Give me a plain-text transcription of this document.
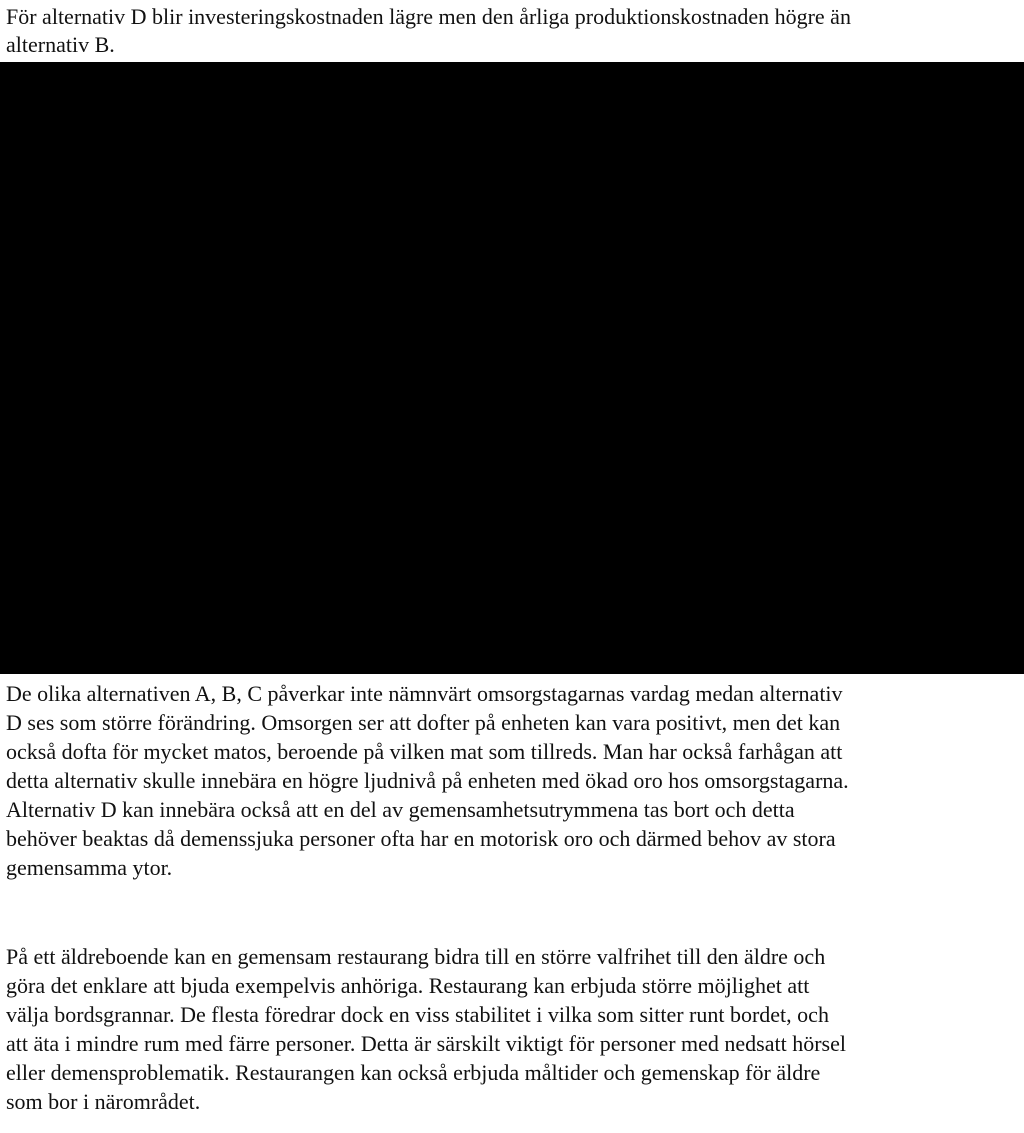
För alternativ D blir investeringskostnaden lägre men den årliga produktionskostnaden högre än
alternativ B.
De olika alternativen A, B, C påverkar inte nämnvärt omsorgstagarnas vardag medan alternativ
D ses som större förändring. Omsorgen ser att dofter på enheten kan vara positivt, men det kan
också dofta för mycket matos, beroende på vilken mat som tillreds. Man har också farhågan att
detta alternativ skulle innebära en högre ljudnivå på enheten med ökad oro hos omsorgstagarna.
Alternativ D kan innebära också att en del av gemensamhetsutrymmena tas bort och detta
behöver beaktas då demenssjuka personer ofta har en motorisk oro och därmed behov av stora
gemensamma ytor.
På ett äldreboende kan en gemensam restaurang bidra till en större valfrihet till den äldre och
göra det enklare att bjuda exempelvis anhöriga. Restaurang kan erbjuda större möjlighet att
välja bordsgrannar. De flesta föredrar dock en viss stabilitet i vilka som sitter runt bordet, och
att äta i mindre rum med färre personer. Detta är särskilt viktigt för personer med nedsatt hörsel
eller demensproblematik. Restaurangen kan också erbjuda måltider och gemenskap för äldre
som bor i närområdet.
